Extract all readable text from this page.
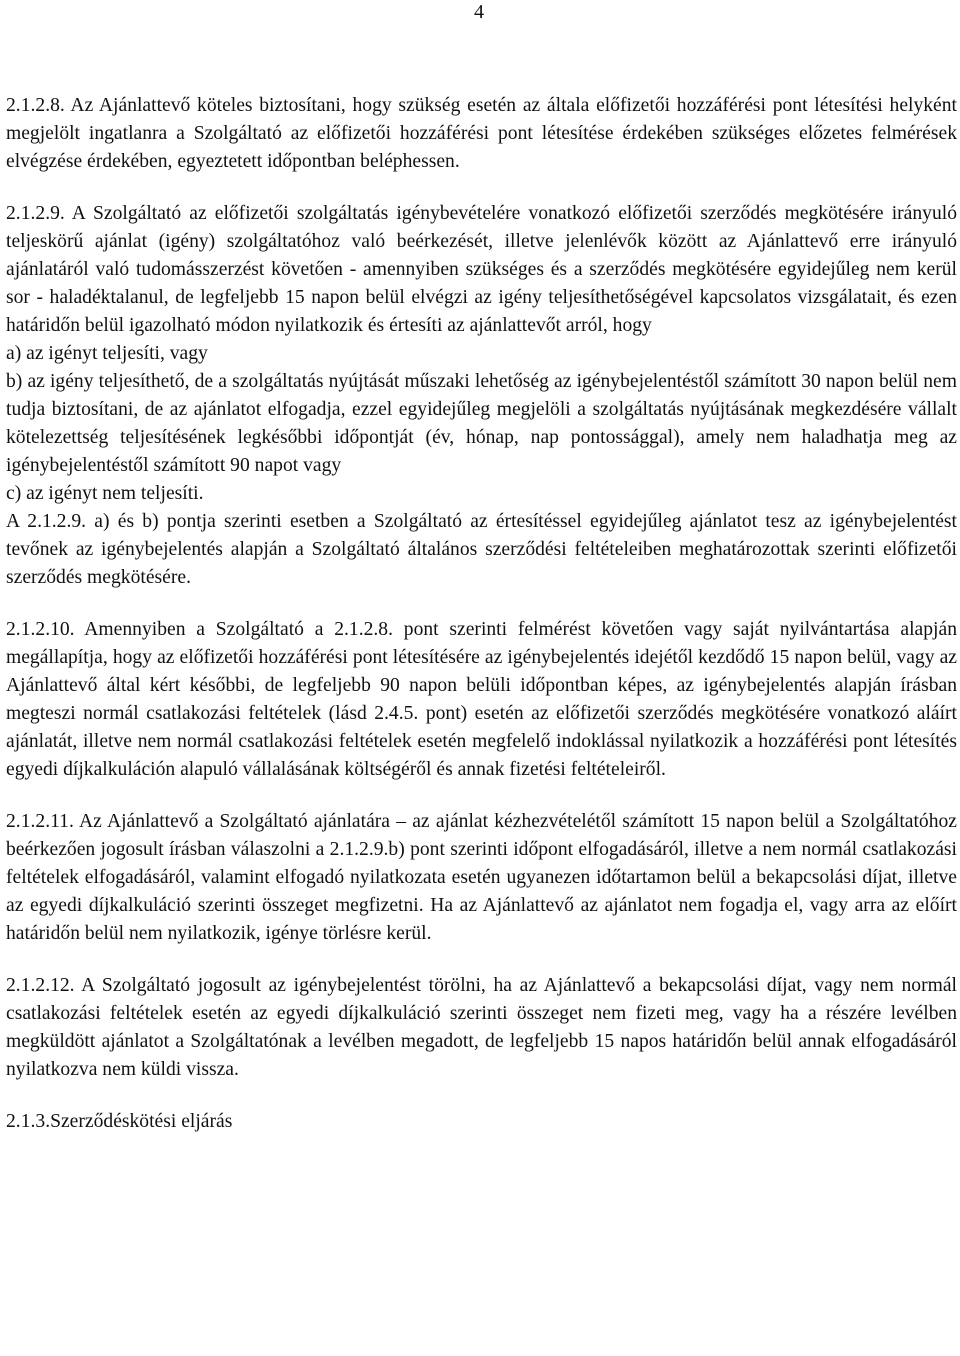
4

2.1.2.8. Az Ajánlattevő köteles biztosítani, hogy szükség esetén az általa előfizetői hozzáférési pont létesítési helyként megjelölt ingatlanra a Szolgáltató az előfizetői hozzáférési pont létesítése érdekében szükséges előzetes felmérések elvégzése érdekében, egyeztetett időpontban beléphessen.

2.1.2.9. A Szolgáltató az előfizetői szolgáltatás igénybevételére vonatkozó előfizetői szerződés megkötésére irányuló teljeskörű ajánlat (igény) szolgáltatóhoz való beérkezését, illetve jelenlévők között az Ajánlattevő erre irányuló ajánlatáról való tudomásszerzést követően - amennyiben szükséges és a szerződés megkötésére egyidejűleg nem kerül sor - haladéktalanul, de legfeljebb 15 napon belül elvégzi az igény teljesíthetőségével kapcsolatos vizsgálatait, és ezen határidőn belül igazolható módon nyilatkozik és értesíti az ajánlattevőt arról, hogy

a) az igényt teljesíti, vagy

b) az igény teljesíthető, de a szolgáltatás nyújtását műszaki lehetőség az igénybejelentéstől számított 30 napon belül nem tudja biztosítani, de az ajánlatot elfogadja, ezzel egyidejűleg megjelöli a szolgáltatás nyújtásának megkezdésére vállalt kötelezettség teljesítésének legkésőbbi időpontját (év, hónap, nap pontossággal), amely nem haladhatja meg az igénybejelentéstől számított 90 napot vagy

c) az igényt nem teljesíti.

A 2.1.2.9. a) és b) pontja szerinti esetben a Szolgáltató az értesítéssel egyidejűleg ajánlatot tesz az igénybejelentést tevőnek az igénybejelentés alapján a Szolgáltató általános szerződési feltételeiben meghatározottak szerinti előfizetői szerződés megkötésére.

2.1.2.10. Amennyiben a Szolgáltató a 2.1.2.8. pont szerinti felmérést követően vagy saját nyilvántartása alapján megállapítja, hogy az előfizetői hozzáférési pont létesítésére az igénybejelentés idejétől kezdődő 15 napon belül, vagy az Ajánlattevő által kért későbbi, de legfeljebb 90 napon belüli időpontban képes, az igénybejelentés alapján írásban megteszi normál csatlakozási feltételek (lásd 2.4.5. pont) esetén az előfizetői szerződés megkötésére vonatkozó aláírt ajánlatát, illetve nem normál csatlakozási feltételek esetén megfelelő indoklással nyilatkozik a hozzáférési pont létesítés egyedi díjkalkuláción alapuló vállalásának költségéről és annak fizetési feltételeiről.

2.1.2.11. Az Ajánlattevő a Szolgáltató ajánlatára – az ajánlat kézhezvételétől számított 15 napon belül a Szolgáltatóhoz beérkezően jogosult írásban válaszolni a 2.1.2.9.b) pont szerinti időpont elfogadásáról, illetve a nem normál csatlakozási feltételek elfogadásáról, valamint elfogadó nyilatkozata esetén ugyanezen időtartamon belül a bekapcsolási díjat, illetve az egyedi díjkalkuláció szerinti összeget megfizetni. Ha az Ajánlattevő az ajánlatot nem fogadja el, vagy arra az előírt határidőn belül nem nyilatkozik, igénye törlésre kerül.

2.1.2.12. A Szolgáltató jogosult az igénybejelentést törölni, ha az Ajánlattevő a bekapcsolási díjat, vagy nem normál csatlakozási feltételek esetén az egyedi díjkalkuláció szerinti összeget nem fizeti meg, vagy ha a részére levélben megküldött ajánlatot a Szolgáltatónak a levélben megadott, de legfeljebb 15 napos határidőn belül annak elfogadásáról nyilatkozva nem küldi vissza.

2.1.3.Szerződéskötési eljárás
